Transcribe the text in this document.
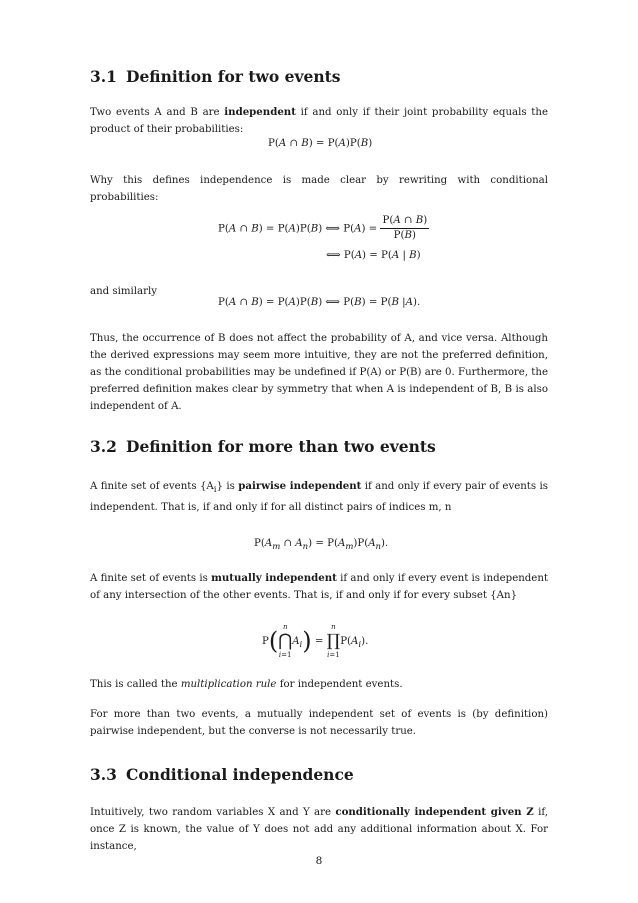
3.1 Definition for two events

Two events A and B are independent if and only if their joint probability equals the product of their probabilities:

P(A ∩ B) = P(A)P(B)

Why this defines independence is made clear by rewriting with conditional probabilities:

P(A ∩ B) = P(A)P(B) ⟺ $P(A) = \frac{P(A \cap B)}{P(B)}$
⟺ P(A) = P(A | B)

and similarly

P(A ∩ B) = P(A)P(B) ⟺ P(B) = P(B |A).

Thus, the occurrence of B does not affect the probability of A, and vice versa. Although the derived expressions may seem more intuitive, they are not the preferred definition, as the conditional probabilities may be undefined if P(A) or P(B) are 0. Furthermore, the preferred definition makes clear by symmetry that when A is independent of B, B is also independent of A.

3.2 Definition for more than two events

A finite set of events $\{A_i\}$ is pairwise independent if and only if every pair of events is independent. That is, if and only if for all distinct pairs of indices m, n

$P(A_m$ ∩ $A_n) = P(A_m)P(A_n)$.

A finite set of events is mutually independent if and only if every event is independent of any intersection of the other events. That is, if and only if for every subset {An}

P( n
⋂
i=1
$A_i$) =
n
∏
i=1
$P(A_i)$.

This is called the multiplication rule for independent events.

For more than two events, a mutually independent set of events is (by definition) pairwise independent, but the converse is not necessarily true.

3.3 Conditional independence

Intuitively, two random variables X and Y are conditionally independent given Z if, once Z is known, the value of Y does not add any additional information about X. For instance,

8
